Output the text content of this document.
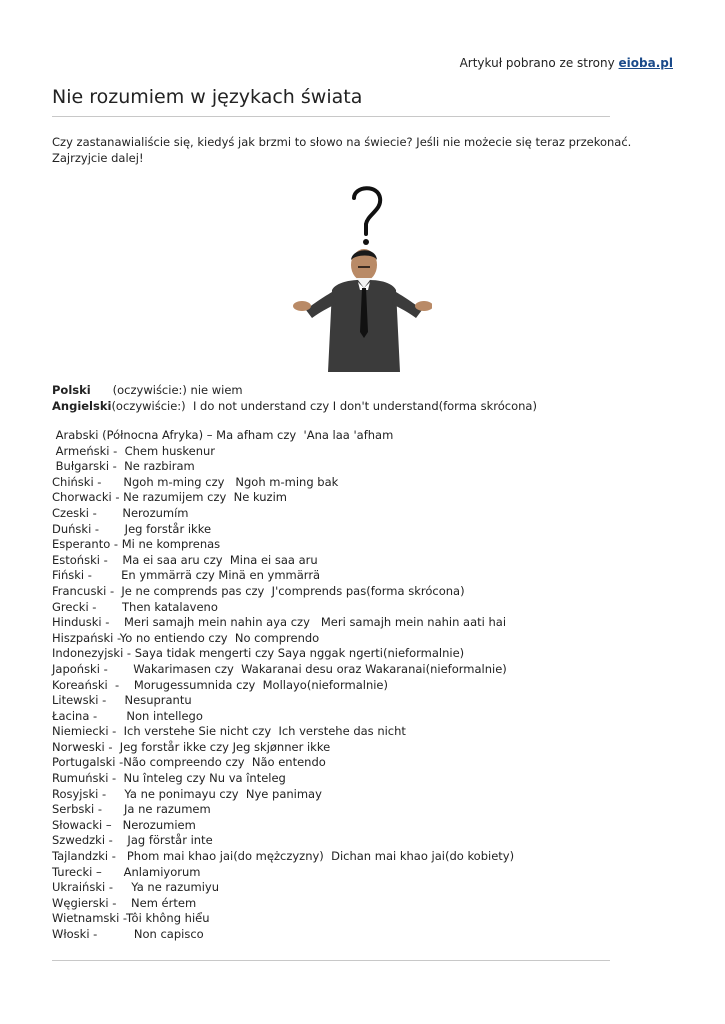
Artykuł pobrano ze strony eioba.pl
Nie rozumiem w językach świata

Czy zastanawialiście się, kiedyś jak brzmi to słowo na świecie? Jeśli nie możecie się teraz przekonać. Zajrzyjcie dalej!

Polski      (oczywiście:) nie wiem
Angielski(oczywiście:)  I do not understand czy I don't understand(forma skrócona)
Arabski (Północna Afryka) – Ma afham czy  'Ana laa 'afham
Armeński -  Chem huskenur
Bułgarski -  Ne razbiram
Chiński -      Ngoh m-ming czy   Ngoh m-ming bak
Chorwacki - Ne razumijem czy  Ne kuzim
Czeski -       Nerozumím
Duński -       Jeg forstår ikke
Esperanto - Mi ne komprenas
Estoński -    Ma ei saa aru czy  Mina ei saa aru
Fiński -        En ymmärrä czy Minä en ymmärrä
Francuski -  Je ne comprends pas czy  J'comprends pas(forma skrócona)
Grecki -       Then katalaveno
Hinduski -    Meri samajh mein nahin aya czy   Meri samajh mein nahin aati hai
Hiszpański -Yo no entiendo czy  No comprendo
Indonezyjski - Saya tidak mengerti czy Saya nggak ngerti(nieformalnie)
Japoński -       Wakarimasen czy  Wakaranai desu oraz Wakaranai(nieformalnie)
Koreański  -    Morugessumnida czy  Mollayo(nieformalnie)
Litewski -     Nesuprantu
Łacina -        Non intellego
Niemiecki -  Ich verstehe Sie nicht czy  Ich verstehe das nicht
Norweski -  Jeg forstår ikke czy Jeg skjønner ikke
Portugalski -Não compreendo czy  Não entendo
Rumuński -  Nu înteleg czy Nu va înteleg
Rosyjski -     Ya ne ponimayu czy  Nye panimay
Serbski -      Ja ne razumem
Słowacki –   Nerozumiem
Szwedzki -    Jag förstår inte
Tajlandzki -   Phom mai khao jai(do mężczyzny)  Dichan mai khao jai(do kobiety)
Turecki –      Anlamiyorum
Ukraiński -     Ya ne razumiyu
Węgierski -    Nem értem
Wietnamski -Tôi không hiểu
Włoski -          Non capisco
